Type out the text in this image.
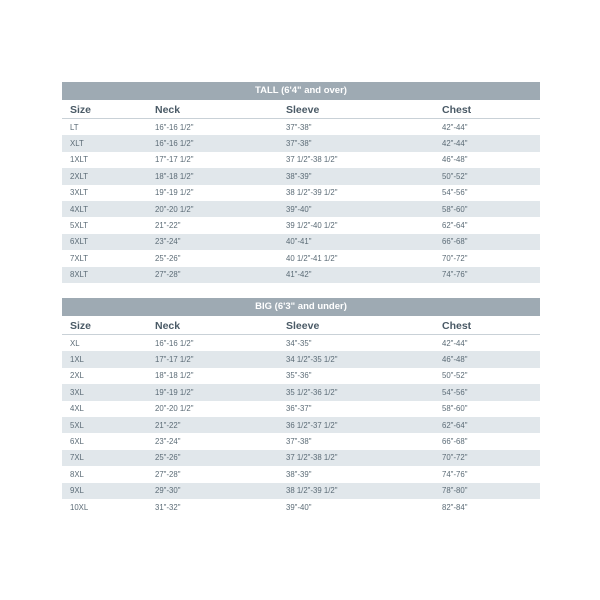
TALL (6'4" and over)
Size	Neck	Sleeve	Chest
LT	16"-16 1/2"	37"-38"	42"-44"
XLT	16"-16 1/2"	37"-38"	42"-44"
1XLT	17"-17 1/2"	37 1/2"-38 1/2"	46"-48"
2XLT	18"-18 1/2"	38"-39"	50"-52"
3XLT	19"-19 1/2"	38 1/2"-39 1/2"	54"-56"
4XLT	20"-20 1/2"	39"-40"	58"-60"
5XLT	21"-22"	39 1/2"-40 1/2"	62"-64"
6XLT	23"-24"	40"-41"	66"-68"
7XLT	25"-26"	40 1/2"-41 1/2"	70"-72"
8XLT	27"-28"	41"-42"	74"-76"
BIG (6'3" and under)
Size	Neck	Sleeve	Chest
XL	16"-16 1/2"	34"-35"	42"-44"
1XL	17"-17 1/2"	34 1/2"-35 1/2"	46"-48"
2XL	18"-18 1/2"	35"-36"	50"-52"
3XL	19"-19 1/2"	35 1/2"-36 1/2"	54"-56"
4XL	20"-20 1/2"	36"-37"	58"-60"
5XL	21"-22"	36 1/2"-37 1/2"	62"-64"
6XL	23"-24"	37"-38"	66"-68"
7XL	25"-26"	37 1/2"-38 1/2"	70"-72"
8XL	27"-28"	38"-39"	74"-76"
9XL	29"-30"	38 1/2"-39 1/2"	78"-80"
10XL	31"-32"	39"-40"	82"-84"
